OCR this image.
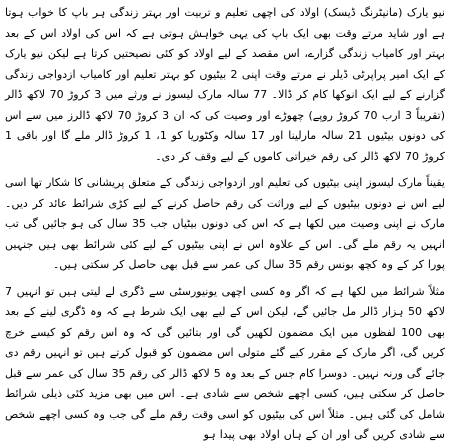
نیو یارک (مانیٹرنگ ڈیسک) اولاد کی اچھی تعلیم و تربیت اور بہتر زندگی ہر باپ کا خواب ہوتا ہے اور شاید مرتے وقت بھی ایک باپ کی یہی خواہش ہوتی ہے کہ اس کی اولاد اس کے بعد بہتر اور کامیاب زندگی گزارے، اس مقصد کے لیے اولاد کو کئی نصیحتیں کرتا ہے لیکن نیو یارک کے ایک امیر پراپرٹی ڈیلر نے مرتے وقت اپنی 2 بیٹیوں کو بہتر تعلیم اور کامیاب ازدواجی زندگی گزارنے کے لیے ایک انوکھا کام کر ڈالا۔ 77 سالہ مارک لیسوز نے ورثے میں 3 کروڑ 70 لاکھ ڈالر (تقریباً 3 ارب 70 کروڑ روپے) چھوڑے اور وصیت کی کہ ان 3 کروڑ 70 لاکھ ڈالرز میں سے اس کی دونوں بیٹیوں 21 سالہ مارلینا اور 17 سالہ وکٹوریا کو 1، 1 کروڑ ڈالر ملے گا اور باقی 1 کروڑ 70 لاکھ ڈالر کی رقم خیراتی کاموں کے لیے وقف کر دی۔

یقیناً مارک لیسوز اپنی بیٹیوں کی تعلیم اور ازدواجی زندگی کے متعلق پریشانی کا شکار تھا اسی لیے اس نے دونوں بیٹیوں کے لیے وراثت کی رقم حاصل کرنے کے لیے کڑی شرائط عائد کر دیں۔ مارک نے اپنی وصیت میں لکھا ہے کہ اس کی دونوں بیٹیاں جب 35 سال کی ہو جائیں گی تب انہیں یہ رقم ملے گی۔ اس کے علاوہ اس نے اپنی بیٹیوں کے لیے کئی شرائط بھی ہیں جنہیں پورا کر کے وہ کچھ بونس رقم 35 سال کی عمر سے قبل بھی حاصل کر سکتی ہیں۔

مثلاً شرائط میں لکھا ہے کہ اگر وہ کسی اچھی یونیورسٹی سے ڈگری لے لیتی ہیں تو انہیں 7 لاکھ 50 ہزار ڈالر مل جائیں گے، لیکن اس کے لیے بھی ایک شرط ہے کہ وہ ڈگری لینے کے بعد بھی 100 لفظوں میں ایک مضمون لکھیں گی اور بتائیں گی کہ وہ اس رقم کو کیسے خرچ کریں گی، اگر مارک کے مقرر کیے گئے متولی اس مضمون کو قبول کرتے ہیں تو انہیں رقم دی جائے گی ورنہ نہیں۔ دوسرا کام جس کے بعد وہ 5 لاکھ ڈالر کی رقم 35 سال کی عمر سے قبل حاصل کر سکتی ہیں، کسی اچھے شخص سے شادی ہے۔ اس میں بھی مزید کئی ذیلی شرائط شامل کی گئی ہیں۔ مثلاً اس کی بیٹیوں کو اسی وقت رقم ملے گی جب وہ کسی اچھے شخص سے شادی کریں گی اور ان کے ہاں اولاد بھی پیدا ہو
